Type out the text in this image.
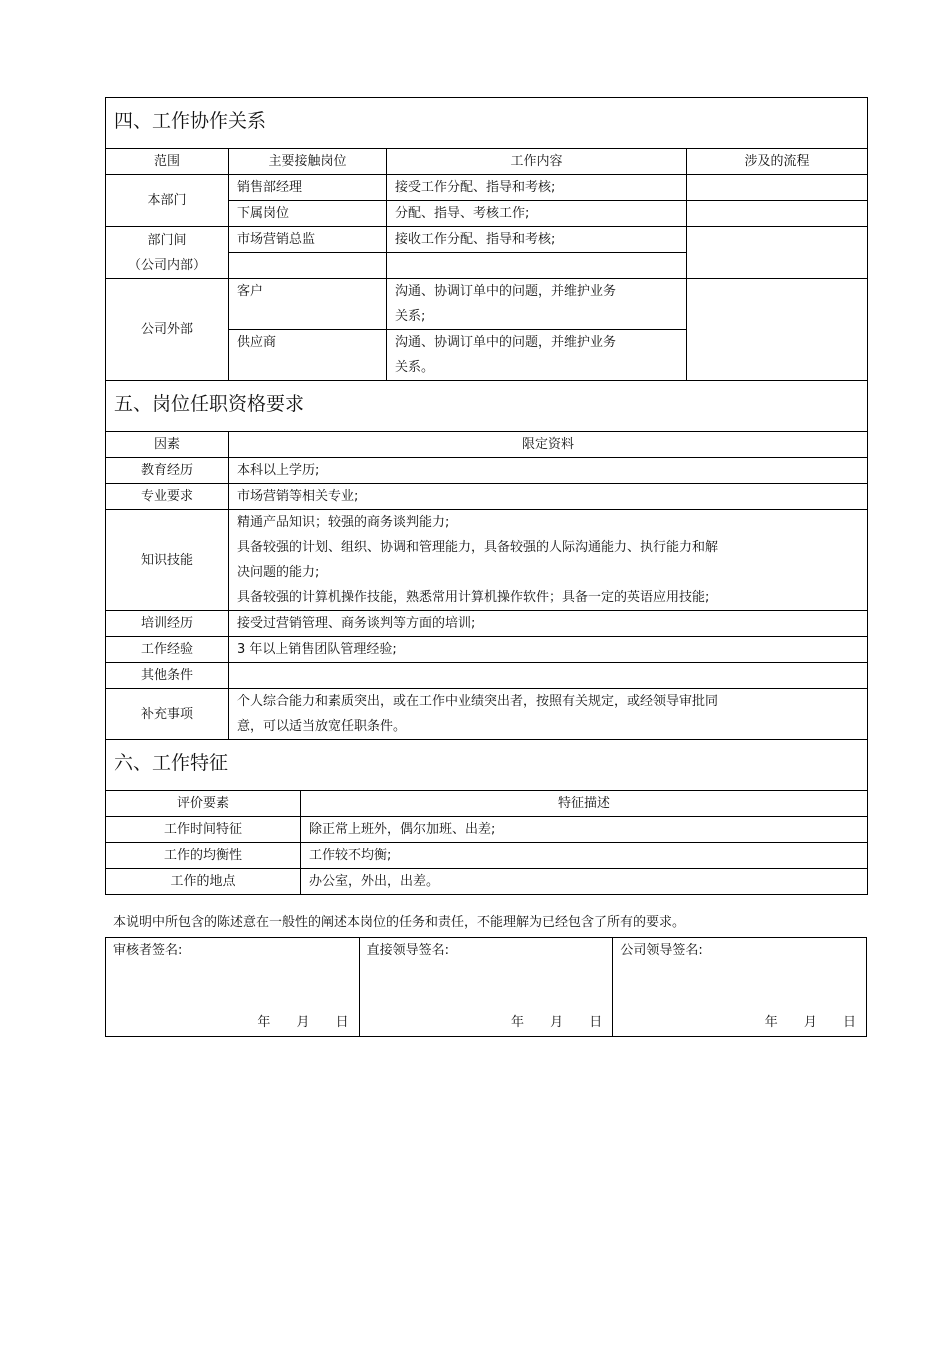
四、工作协作关系			
范围	主要接触岗位	工作内容	涉及的流程
本部门	销售部经理	接受工作分配、指导和考核;	
	下属岗位	分配、指导、考核工作;	

部门间
（公司内部）	市场营销总监	接收工作分配、指导和考核;	

公司外部	客户	沟通、协调订单中的问题，并维护业务
关系;	

	供应商	沟通、协调订单中的问题，并维护业务
关系。	

五、岗位任职资格要求			
因素	限定资料		
教育经历	本科以上学历;		
专业要求	市场营销等相关专业;		
知识技能	精通产品知识；较强的商务谈判能力;
具备较强的计划、组织、协调和管理能力，具备较强的人际沟通能力、执行能力和解
决问题的能力;
具备较强的计算机操作技能，熟悉常用计算机操作软件；具备一定的英语应用技能;		

培训经历	接受过营销管理、商务谈判等方面的培训;		
工作经验	3 年以上销售团队管理经验;		
其他条件			
补充事项	个人综合能力和素质突出，或在工作中业绩突出者，按照有关规定，或经领导审批同
意，可以适当放宽任职条件。		

六、工作特征			
评价要素	特征描述
工作时间特征	除正常上班外，偶尔加班、出差;
工作的均衡性	工作较不均衡;
工作的地点	办公室，外出，出差。
本说明中所包含的陈述意在一般性的阐述本岗位的任务和责任，不能理解为已经包含了所有的要求。
审核者签名:
年 月 日

直接领导签名:
年 月 日

公司领导签名:
年 月 日
